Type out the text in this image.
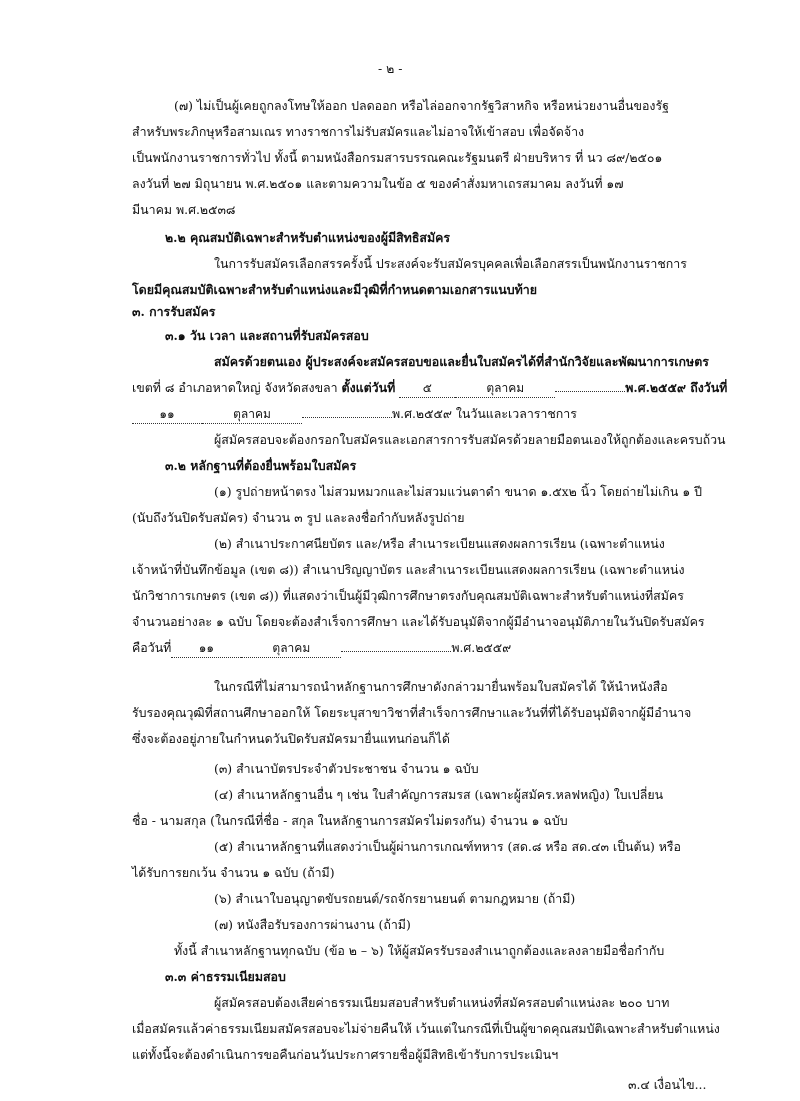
- ๒ -
(๗) ไม่เป็นผู้เคยถูกลงโทษให้ออก ปลดออก หรือไล่ออกจากรัฐวิสาหกิจ หรือหน่วยงานอื่นของรัฐ
สำหรับพระภิกษุหรือสามเณร ทางราชการไม่รับสมัครและไม่อาจให้เข้าสอบ เพื่อจัดจ้าง
เป็นพนักงานราชการทั่วไป ทั้งนี้ ตามหนังสือกรมสารบรรณคณะรัฐมนตรี ฝ่ายบริหาร ที่ นว ๘๙/๒๕๐๑
ลงวันที่ ๒๗ มิถุนายน พ.ศ.๒๕๐๑ และตามความในข้อ ๕ ของคำสั่งมหาเถรสมาคม ลงวันที่ ๑๗
มีนาคม พ.ศ.๒๕๓๘
๒.๒ คุณสมบัติเฉพาะสำหรับตำแหน่งของผู้มีสิทธิสมัคร
ในการรับสมัครเลือกสรรครั้งนี้ ประสงค์จะรับสมัครบุคคลเพื่อเลือกสรรเป็นพนักงานราชการ
โดยมีคุณสมบัติเฉพาะสำหรับตำแหน่งและมีวุฒิที่กำหนดตามเอกสารแนบท้าย
๓. การรับสมัคร
๓.๑ วัน เวลา และสถานที่รับสมัครสอบ
สมัครด้วยตนเอง ผู้ประสงค์จะสมัครสอบขอและยื่นใบสมัครได้ที่สำนักวิจัยและพัฒนาการเกษตร
เขตที่ ๘ อำเภอหาดใหญ่ จังหวัดสงขลา ตั้งแต่วันที่ ๕	ตุลาคม	พ.ศ.๒๕๕๙ ถึงวันที่
๑๑	ตุลาคม	พ.ศ.๒๕๕๙ ในวันและเวลาราชการ
ผู้สมัครสอบจะต้องกรอกใบสมัครและเอกสารการรับสมัครด้วยลายมือตนเองให้ถูกต้องและครบถ้วน
๓.๒ หลักฐานที่ต้องยื่นพร้อมใบสมัคร
(๑) รูปถ่ายหน้าตรง ไม่สวมหมวกและไม่สวมแว่นตาดำ ขนาด ๑.๕x๒ นิ้ว โดยถ่ายไม่เกิน ๑ ปี
(นับถึงวันปิดรับสมัคร) จำนวน ๓ รูป และลงชื่อกำกับหลังรูปถ่าย
(๒) สำเนาประกาศนียบัตร และ/หรือ สำเนาระเบียนแสดงผลการเรียน (เฉพาะตำแหน่ง
เจ้าหน้าที่บันทึกข้อมูล (เขต ๘)) สำเนาปริญญาบัตร และสำเนาระเบียนแสดงผลการเรียน (เฉพาะตำแหน่ง
นักวิชาการเกษตร (เขต ๘)) ที่แสดงว่าเป็นผู้มีวุฒิการศึกษาตรงกับคุณสมบัติเฉพาะสำหรับตำแหน่งที่สมัคร
จำนวนอย่างละ ๑ ฉบับ โดยจะต้องสำเร็จการศึกษา และได้รับอนุมัติจากผู้มีอำนาจอนุมัติภายในวันปิดรับสมัคร
คือวันที่ ๑๑	ตุลาคม	พ.ศ.๒๕๕๙
ในกรณีที่ไม่สามารถนำหลักฐานการศึกษาดังกล่าวมายื่นพร้อมใบสมัครได้ ให้นำหนังสือ
รับรองคุณวุฒิที่สถานศึกษาออกให้ โดยระบุสาขาวิชาที่สำเร็จการศึกษาและวันที่ที่ได้รับอนุมัติจากผู้มีอำนาจ
ซึ่งจะต้องอยู่ภายในกำหนดวันปิดรับสมัครมายื่นแทนก่อนก็ได้
(๓) สำเนาบัตรประจำตัวประชาชน จำนวน ๑ ฉบับ
(๔) สำเนาหลักฐานอื่น ๆ เช่น ใบสำคัญการสมรส (เฉพาะผู้สมัคร.หลฟหญิง) ใบเปลี่ยน
ชื่อ - นามสกุล (ในกรณีที่ชื่อ - สกุล ในหลักฐานการสมัครไม่ตรงกัน) จำนวน ๑ ฉบับ
(๕) สำเนาหลักฐานที่แสดงว่าเป็นผู้ผ่านการเกณฑ์ทหาร (สด.๘ หรือ สด.๔๓ เป็นต้น) หรือ
ได้รับการยกเว้น จำนวน ๑ ฉบับ (ถ้ามี)
(๖) สำเนาใบอนุญาตขับรถยนต์/รถจักรยานยนต์ ตามกฎหมาย (ถ้ามี)
(๗) หนังสือรับรองการผ่านงาน (ถ้ามี)
ทั้งนี้ สำเนาหลักฐานทุกฉบับ (ข้อ ๒ – ๖) ให้ผู้สมัครรับรองสำเนาถูกต้องและลงลายมือชื่อกำกับ
๓.๓ ค่าธรรมเนียมสอบ
ผู้สมัครสอบต้องเสียค่าธรรมเนียมสอบสำหรับตำแหน่งที่สมัครสอบตำแหน่งละ ๒๐๐ บาท
เมื่อสมัครแล้วค่าธรรมเนียมสมัครสอบจะไม่จ่ายคืนให้ เว้นแต่ในกรณีที่เป็นผู้ขาดคุณสมบัติเฉพาะสำหรับตำแหน่ง
แต่ทั้งนี้จะต้องดำเนินการขอคืนก่อนวันประกาศรายชื่อผู้มีสิทธิเข้ารับการประเมินฯ
๓.๔ เงื่อนไข...
